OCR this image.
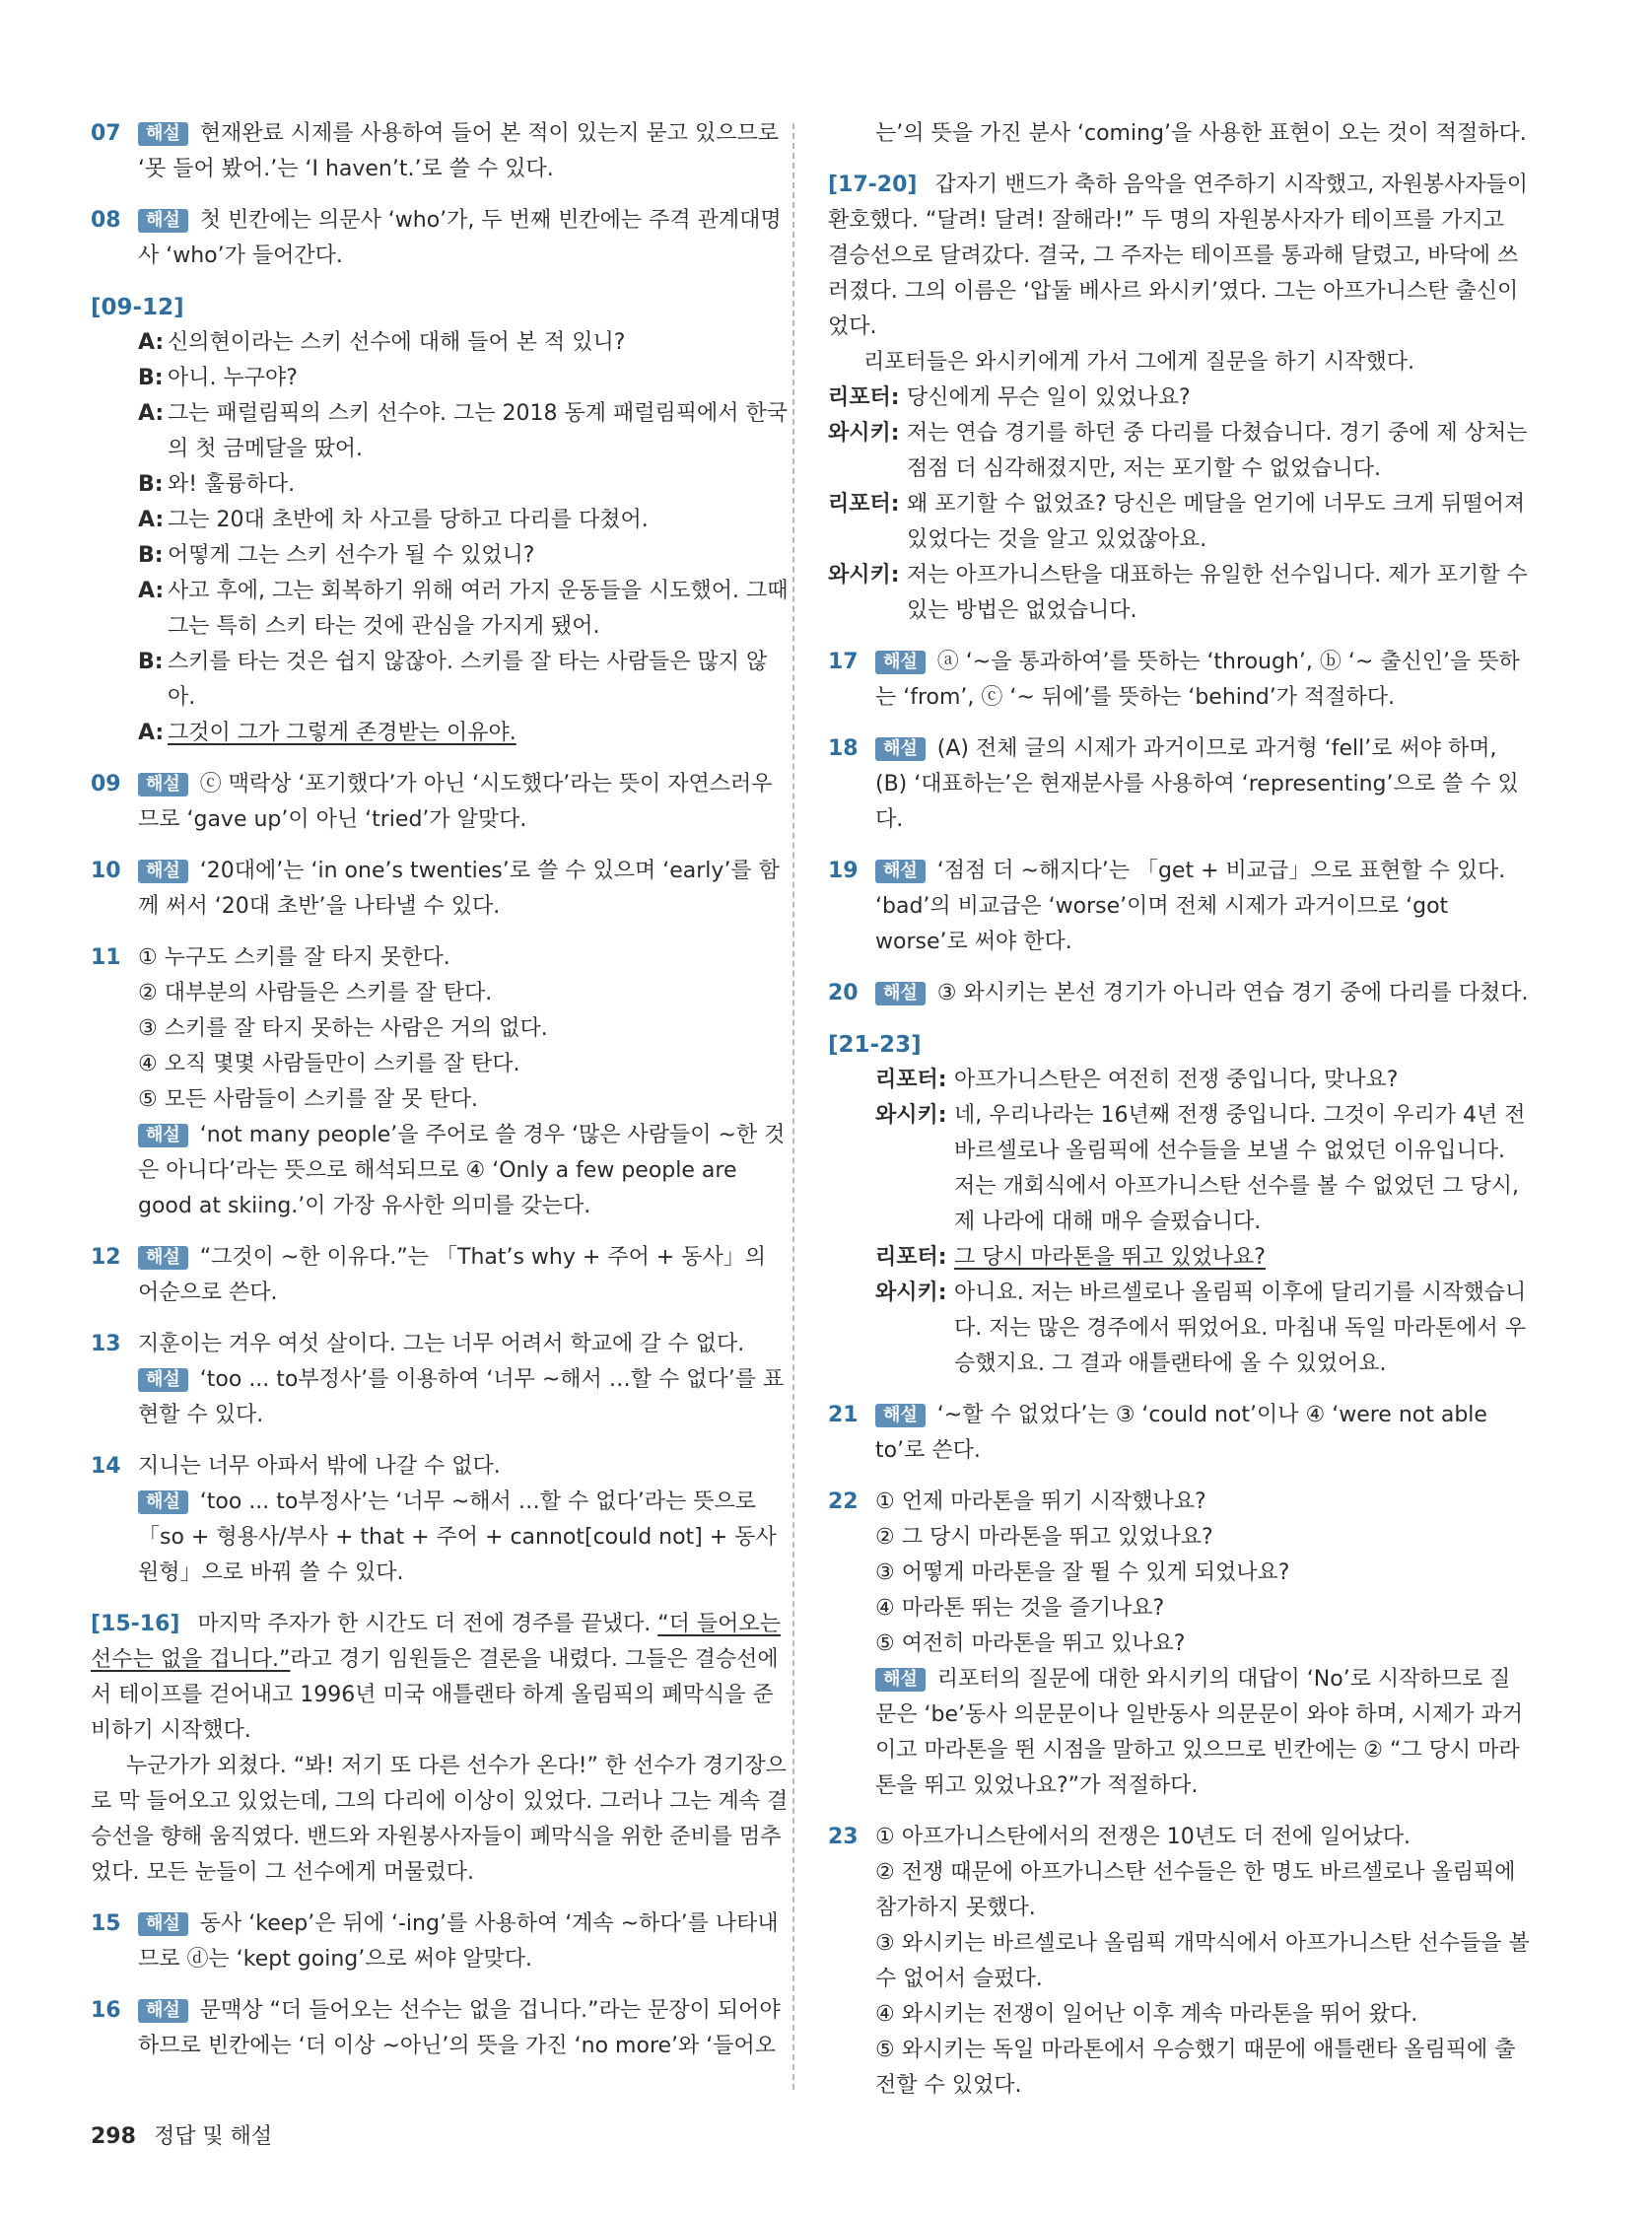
07 해설 현재완료 시제를 사용하여 들어 본 적이 있는지 묻고 있으므로 ‘못 들어 봤어.’는 ‘I haven’t.’로 쓸 수 있다.
08 해설 첫 빈칸에는 의문사 ‘who’가, 두 번째 빈칸에는 주격 관계대명사 ‘who’가 들어간다.
[09-12]
A: 신의현이라는 스키 선수에 대해 들어 본 적 있니?
B: 아니. 누구야?
A: 그는 패럴림픽의 스키 선수야. 그는 2018 동계 패럴림픽에서 한국의 첫 금메달을 땄어.
B: 와! 훌륭하다.
A: 그는 20대 초반에 차 사고를 당하고 다리를 다쳤어.
B: 어떻게 그는 스키 선수가 될 수 있었니?
A: 사고 후에, 그는 회복하기 위해 여러 가지 운동들을 시도했어. 그때 그는 특히 스키 타는 것에 관심을 가지게 됐어.
B: 스키를 타는 것은 쉽지 않잖아. 스키를 잘 타는 사람들은 많지 않아.
A: 그것이 그가 그렇게 존경받는 이유야.
09 해설 ⓒ 맥락상 ‘포기했다’가 아닌 ‘시도했다’라는 뜻이 자연스러우므로 ‘gave up’이 아닌 ‘tried’가 알맞다.
10 해설 ‘20대에’는 ‘in one’s twenties’로 쓸 수 있으며 ‘early’를 함께 써서 ‘20대 초반’을 나타낼 수 있다.
11 ① 누구도 스키를 잘 타지 못한다.
② 대부분의 사람들은 스키를 잘 탄다.
③ 스키를 잘 타지 못하는 사람은 거의 없다.
④ 오직 몇몇 사람들만이 스키를 잘 탄다.
⑤ 모든 사람들이 스키를 잘 못 탄다.
해설 ‘not many people’을 주어로 쓸 경우 ‘많은 사람들이 ~한 것은 아니다’라는 뜻으로 해석되므로 ④ ‘Only a few people are good at skiing.’이 가장 유사한 의미를 갖는다.
12 해설 “그것이 ~한 이유다.”는 「That’s why + 주어 + 동사」의 어순으로 쓴다.
13 지훈이는 겨우 여섯 살이다. 그는 너무 어려서 학교에 갈 수 없다.
해설 ‘too ... to부정사’를 이용하여 ‘너무 ~해서 …할 수 없다’를 표현할 수 있다.
14 지니는 너무 아파서 밖에 나갈 수 없다.
해설 ‘too ... to부정사’는 ‘너무 ~해서 …할 수 없다’라는 뜻으로 「so + 형용사/부사 + that + 주어 + cannot[could not] + 동사원형」으로 바꿔 쓸 수 있다.
[15-16] 마지막 주자가 한 시간도 더 전에 경주를 끝냈다. “더 들어오는 선수는 없을 겁니다.”라고 경기 임원들은 결론을 내렸다. 그들은 결승선에서 테이프를 걷어내고 1996년 미국 애틀랜타 하계 올림픽의 폐막식을 준비하기 시작했다.
누군가가 외쳤다. “봐! 저기 또 다른 선수가 온다!” 한 선수가 경기장으로 막 들어오고 있었는데, 그의 다리에 이상이 있었다. 그러나 그는 계속 결승선을 향해 움직였다. 밴드와 자원봉사자들이 폐막식을 위한 준비를 멈추었다. 모든 눈들이 그 선수에게 머물렀다.
15 해설 동사 ‘keep’은 뒤에 ‘-ing’를 사용하여 ‘계속 ~하다’를 나타내므로 ⓓ는 ‘kept going’으로 써야 알맞다.
16 해설 문맥상 “더 들어오는 선수는 없을 겁니다.”라는 문장이 되어야 하므로 빈칸에는 ‘더 이상 ~아닌’의 뜻을 가진 ‘no more’와 ‘들어오
는’의 뜻을 가진 분사 ‘coming’을 사용한 표현이 오는 것이 적절하다.
[17-20] 갑자기 밴드가 축하 음악을 연주하기 시작했고, 자원봉사자들이 환호했다. “달려! 달려! 잘해라!” 두 명의 자원봉사자가 테이프를 가지고 결승선으로 달려갔다. 결국, 그 주자는 테이프를 통과해 달렸고, 바닥에 쓰러졌다. 그의 이름은 ‘압둘 베사르 와시키’였다. 그는 아프가니스탄 출신이었다.
리포터들은 와시키에게 가서 그에게 질문을 하기 시작했다.
리포터: 당신에게 무슨 일이 있었나요?
와시키: 저는 연습 경기를 하던 중 다리를 다쳤습니다. 경기 중에 제 상처는 점점 더 심각해졌지만, 저는 포기할 수 없었습니다.
리포터: 왜 포기할 수 없었죠? 당신은 메달을 얻기에 너무도 크게 뒤떨어져 있었다는 것을 알고 있었잖아요.
와시키: 저는 아프가니스탄을 대표하는 유일한 선수입니다. 제가 포기할 수 있는 방법은 없었습니다.
17 해설 ⓐ ‘~을 통과하여’를 뜻하는 ‘through’, ⓑ ‘~ 출신인’을 뜻하는 ‘from’, ⓒ ‘~ 뒤에’를 뜻하는 ‘behind’가 적절하다.
18 해설 (A) 전체 글의 시제가 과거이므로 과거형 ‘fell’로 써야 하며, (B) ‘대표하는’은 현재분사를 사용하여 ‘representing’으로 쓸 수 있다.
19 해설 ‘점점 더 ~해지다’는 「get + 비교급」으로 표현할 수 있다. ‘bad’의 비교급은 ‘worse’이며 전체 시제가 과거이므로 ‘got worse’로 써야 한다.
20 해설 ③ 와시키는 본선 경기가 아니라 연습 경기 중에 다리를 다쳤다.
[21-23]
리포터: 아프가니스탄은 여전히 전쟁 중입니다, 맞나요?
와시키: 네, 우리나라는 16년째 전쟁 중입니다. 그것이 우리가 4년 전 바르셀로나 올림픽에 선수들을 보낼 수 없었던 이유입니다. 저는 개회식에서 아프가니스탄 선수를 볼 수 없었던 그 당시, 제 나라에 대해 매우 슬펐습니다.
리포터: 그 당시 마라톤을 뛰고 있었나요?
와시키: 아니요. 저는 바르셀로나 올림픽 이후에 달리기를 시작했습니다. 저는 많은 경주에서 뛰었어요. 마침내 독일 마라톤에서 우승했지요. 그 결과 애틀랜타에 올 수 있었어요.
21 해설 ‘~할 수 없었다’는 ③ ‘could not’이나 ④ ‘were not able to’로 쓴다.
22 ① 언제 마라톤을 뛰기 시작했나요?
② 그 당시 마라톤을 뛰고 있었나요?
③ 어떻게 마라톤을 잘 뛸 수 있게 되었나요?
④ 마라톤 뛰는 것을 즐기나요?
⑤ 여전히 마라톤을 뛰고 있나요?
해설 리포터의 질문에 대한 와시키의 대답이 ‘No’로 시작하므로 질문은 ‘be’동사 의문문이나 일반동사 의문문이 와야 하며, 시제가 과거이고 마라톤을 뛴 시점을 말하고 있으므로 빈칸에는 ② “그 당시 마라톤을 뛰고 있었나요?”가 적절하다.
23 ① 아프가니스탄에서의 전쟁은 10년도 더 전에 일어났다.
② 전쟁 때문에 아프가니스탄 선수들은 한 명도 바르셀로나 올림픽에 참가하지 못했다.
③ 와시키는 바르셀로나 올림픽 개막식에서 아프가니스탄 선수들을 볼 수 없어서 슬펐다.
④ 와시키는 전쟁이 일어난 이후 계속 마라톤을 뛰어 왔다.
⑤ 와시키는 독일 마라톤에서 우승했기 때문에 애틀랜타 올림픽에 출전할 수 있었다.
298 정답 및 해설
